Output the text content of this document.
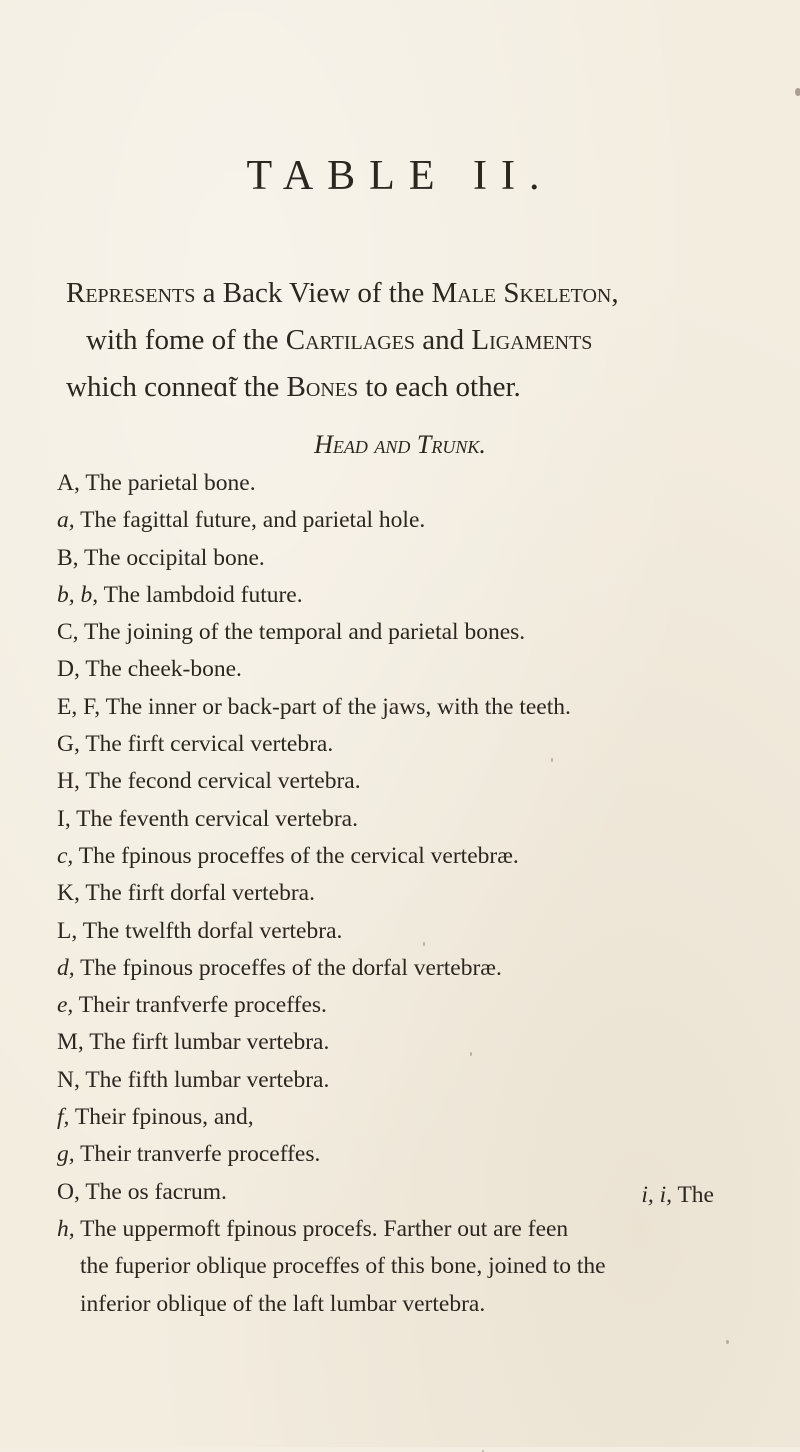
TABLE II.
Represents a Back View of the Male Skeleton,
with fome of the Cartilages and Ligaments
which conneɑ̃t the Bones to each other.
Head and Trunk.
A, The parietal bone.
a, The fagittal future, and parietal hole.
B, The occipital bone.
b, b, The lambdoid future.
C, The joining of the temporal and parietal bones.
D, The cheek-bone.
E, F, The inner or back-part of the jaws, with the teeth.
G, The firft cervical vertebra.
H, The fecond cervical vertebra.
I, The feventh cervical vertebra.
c, The fpinous proceffes of the cervical vertebræ.
K, The firft dorfal vertebra.
L, The twelfth dorfal vertebra.
d, The fpinous proceffes of the dorfal vertebræ.
e, Their tranfverfe proceffes.
M, The firft lumbar vertebra.
N, The fifth lumbar vertebra.
f, Their fpinous, and,
g, Their tranverfe proceffes.
O, The os facrum.
h, The uppermoft fpinous procefs. Farther out are feen
the fuperior oblique proceffes of this bone, joined to the
inferior oblique of the laft lumbar vertebra.
i, i, The
